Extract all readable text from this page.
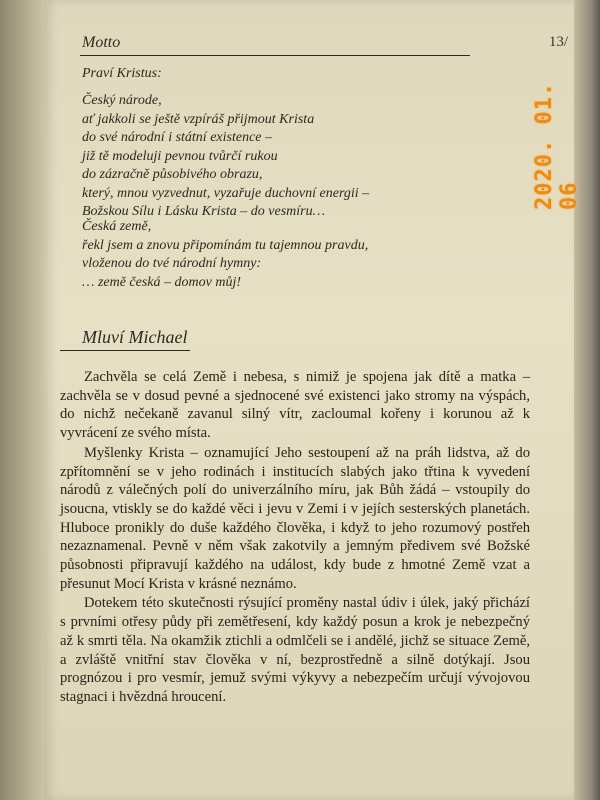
13/
Motto
Praví Kristus:
Český národe,
ať jakkoli se ještě vzpíráš přijmout Krista
do své národní i státní existence –
již tě modeluji pevnou tvůrčí rukou
do zázračně působivého obrazu,
který, mnou vyzvednut, vyzařuje duchovní energii –
Božskou Sílu i Lásku Krista – do vesmíru…
Česká země,
řekl jsem a znovu připomínám tu tajemnou pravdu,
vloženou do tvé národní hymny:
… země česká – domov můj!
Mluví Michael

Zachvěla se celá Země i nebesa, s nimiž je spojena jak dítě a matka – zachvěla se v dosud pevné a sjednocené své existenci jako stromy na výspách, do nichž nečekaně zavanul silný vítr, zacloumal kořeny i korunou až k vyvrácení ze svého místa.

Myšlenky Krista – oznamující Jeho sestoupení až na práh lidstva, až do zpřítomnění se v jeho rodinách i institucích slabých jako třtina k vyvedení národů z válečných polí do univerzálního míru, jak Bůh žádá – vstoupily do jsoucna, vtiskly se do každé věci i jevu v Zemi i v jejích sesterských planetách. Hluboce pronikly do duše každého člověka, i když to jeho rozumový postřeh nezaznamenal. Pevně v něm však zakotvily a jemným předivem své Božské působnosti připravují každého na událost, kdy bude z hmotné Země vzat a přesunut Mocí Krista v krásné neznámo.

Dotekem této skutečnosti rýsující proměny nastal údiv i úlek, jaký přichází s prvními otřesy půdy při zemětřesení, kdy každý posun a krok je nebezpečný až k smrti těla. Na okamžik ztichli a odmlčeli se i andělé, jichž se situace Země, a zvláště vnitřní stav člověka v ní, bezprostředně a silně dotýkají. Jsou prognózou i pro vesmír, jemuž svými výkyvy a nebezpečím určují vývojovou stagnaci i hvězdná hroucení.

2020. 01. 06
